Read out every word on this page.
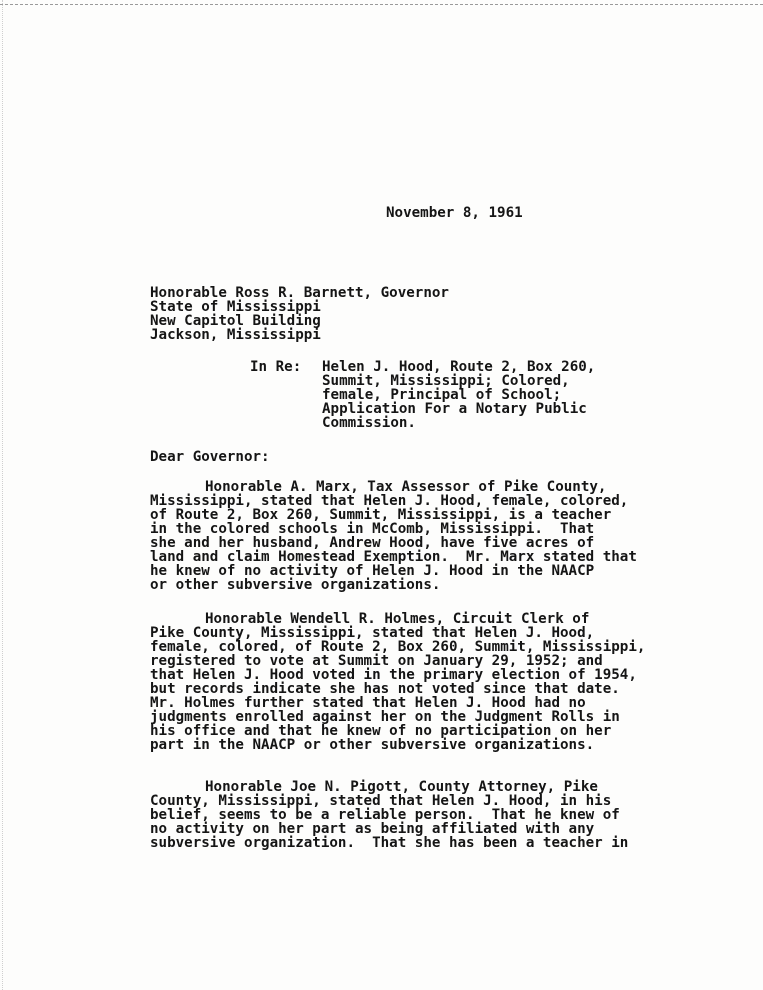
November 8, 1961
Honorable Ross R. Barnett, Governor
State of Mississippi
New Capitol Building
Jackson, Mississippi
In Re: Helen J. Hood, Route 2, Box 260,
Summit, Mississippi; Colored,
female, Principal of School;
Application For a Notary Public
Commission.
Dear Governor:
Honorable A. Marx, Tax Assessor of Pike County,
Mississippi, stated that Helen J. Hood, female, colored,
of Route 2, Box 260, Summit, Mississippi, is a teacher
in the colored schools in McComb, Mississippi.  That
she and her husband, Andrew Hood, have five acres of
land and claim Homestead Exemption.  Mr. Marx stated that
he knew of no activity of Helen J. Hood in the NAACP
or other subversive organizations.
Honorable Wendell R. Holmes, Circuit Clerk of
Pike County, Mississippi, stated that Helen J. Hood,
female, colored, of Route 2, Box 260, Summit, Mississippi,
registered to vote at Summit on January 29, 1952; and
that Helen J. Hood voted in the primary election of 1954,
but records indicate she has not voted since that date.
Mr. Holmes further stated that Helen J. Hood had no
judgments enrolled against her on the Judgment Rolls in
his office and that he knew of no participation on her
part in the NAACP or other subversive organizations.
Honorable Joe N. Pigott, County Attorney, Pike
County, Mississippi, stated that Helen J. Hood, in his
belief, seems to be a reliable person.  That he knew of
no activity on her part as being affiliated with any
subversive organization.  That she has been a teacher in
